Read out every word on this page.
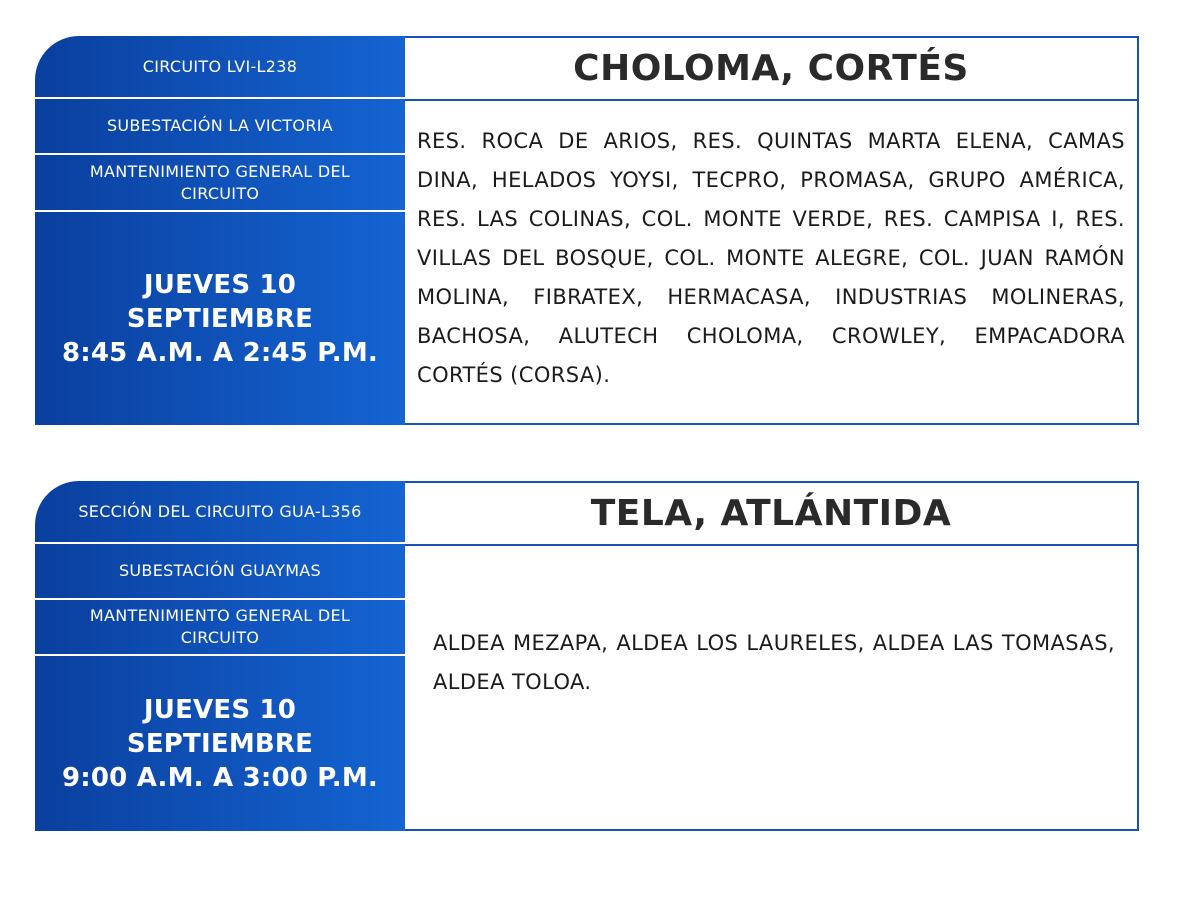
CIRCUITO LVI-L238
SUBESTACIÓN LA VICTORIA
MANTENIMIENTO GENERAL DEL CIRCUITO
JUEVES 10 SEPTIEMBRE
8:45 A.M. A 2:45 P.M.
CHOLOMA, CORTÉS
RES. ROCA DE ARIOS, RES. QUINTAS MARTA ELENA, CAMAS DINA, HELADOS YOYSI, TECPRO, PROMASA, GRUPO AMÉRICA, RES. LAS COLINAS, COL. MONTE VERDE, RES. CAMPISA I, RES. VILLAS DEL BOSQUE, COL. MONTE ALEGRE, COL. JUAN RAMÓN MOLINA, FIBRATEX, HERMACASA, INDUSTRIAS MOLINERAS, BACHOSA, ALUTECH CHOLOMA, CROWLEY, EMPACADORA CORTÉS (CORSA).
SECCIÓN DEL CIRCUITO GUA-L356
SUBESTACIÓN GUAYMAS
MANTENIMIENTO GENERAL DEL CIRCUITO
JUEVES 10 SEPTIEMBRE
9:00 A.M. A 3:00 P.M.
TELA, ATLÁNTIDA
ALDEA MEZAPA, ALDEA LOS LAURELES, ALDEA LAS TOMASAS, ALDEA TOLOA.
